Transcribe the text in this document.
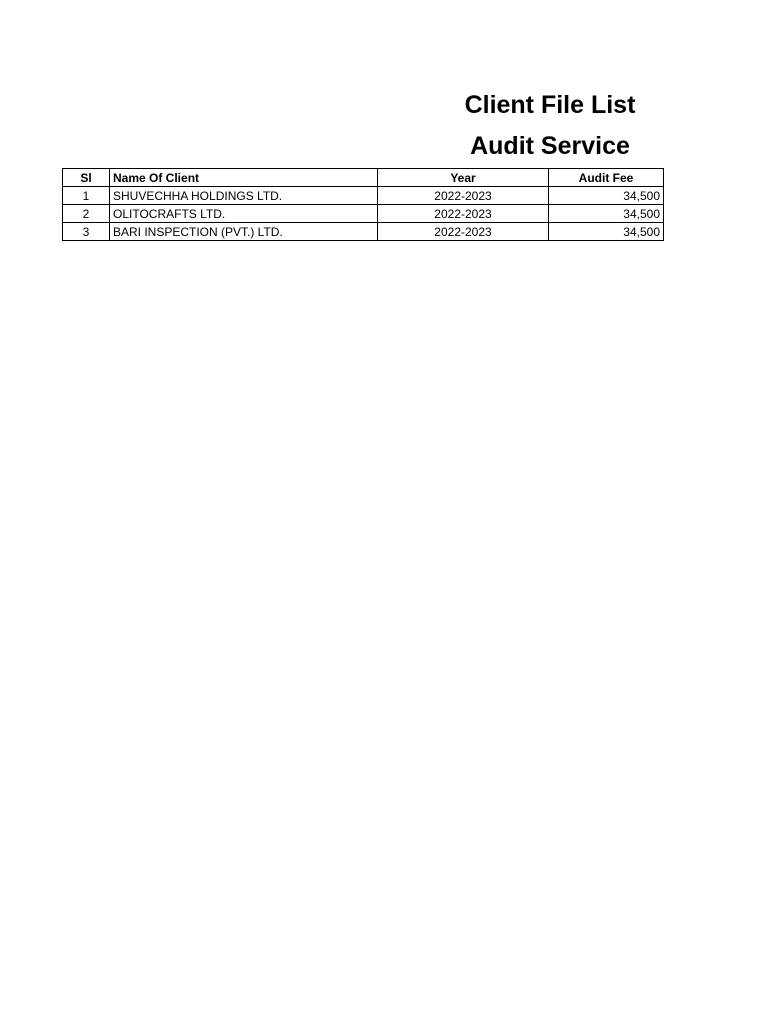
Client File List
Audit Service
Sl	Name Of Client	Year	Audit Fee
1	SHUVECHHA HOLDINGS LTD.	2022-2023	34,500
2	OLITOCRAFTS LTD.	2022-2023	34,500
3	BARI INSPECTION (PVT.) LTD.	2022-2023	34,500
